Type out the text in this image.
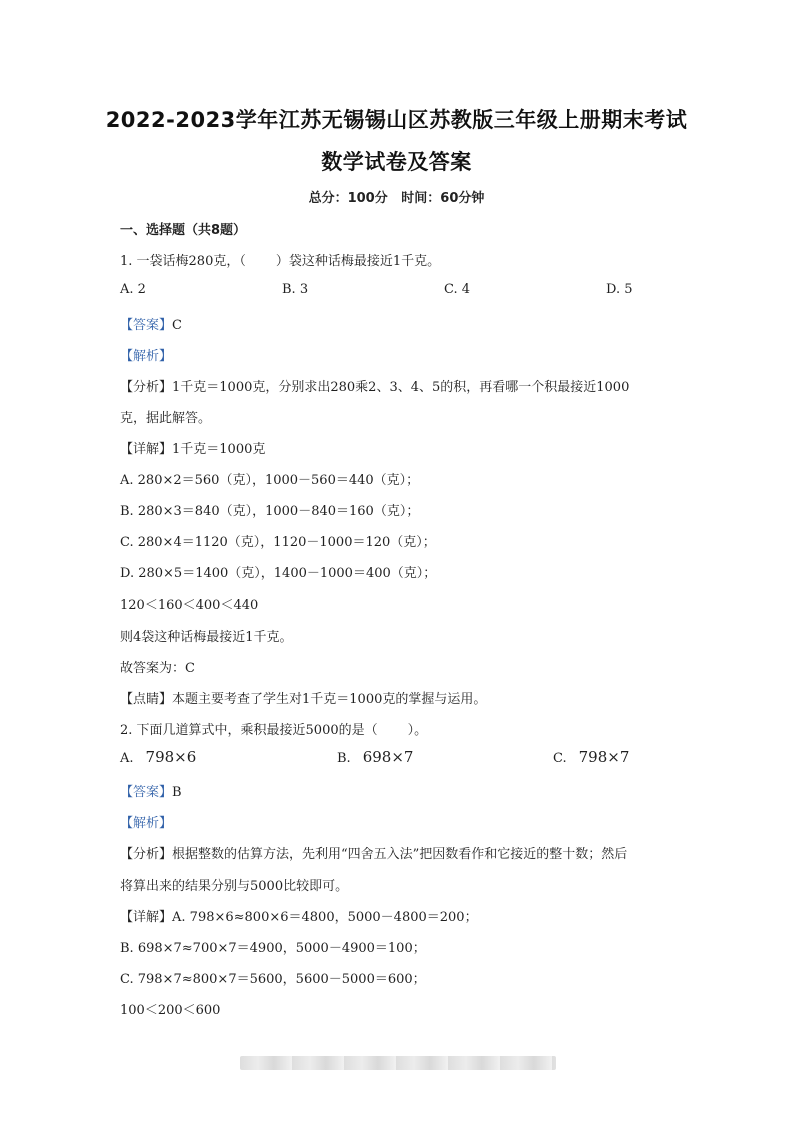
2022-2023学年江苏无锡锡山区苏教版三年级上册期末考试
数学试卷及答案
总分：100分   时间：60分钟
一、选择题（共8题）
1. 一袋话梅280克，（ ）袋这种话梅最接近1千克。
A. 2	B. 3	C. 4	D. 5
【答案】C
【解析】
【分析】1千克＝1000克，分别求出280乘2、3、4、5的积，再看哪一个积最接近1000
克，据此解答。
【详解】1千克＝1000克
A. 280×2＝560（克），1000－560＝440（克）；
B. 280×3＝840（克），1000－840＝160（克）；
C. 280×4＝1120（克），1120－1000＝120（克）；
D. 280×5＝1400（克），1400－1000＝400（克）；
120＜160＜400＜440
则4袋这种话梅最接近1千克。
故答案为：C
【点睛】本题主要考查了学生对1千克＝1000克的掌握与运用。
2. 下面几道算式中，乘积最接近5000的是（ ）。
A. 798×6	B. 698×7	C. 798×7
【答案】B
【解析】
【分析】根据整数的估算方法，先利用“四舍五入法”把因数看作和它接近的整十数；然后
将算出来的结果分别与5000比较即可。
【详解】A. 798×6≈800×6＝4800，5000－4800＝200；
B. 698×7≈700×7＝4900，5000－4900＝100；
C. 798×7≈800×7＝5600，5600－5000＝600；
100＜200＜600
